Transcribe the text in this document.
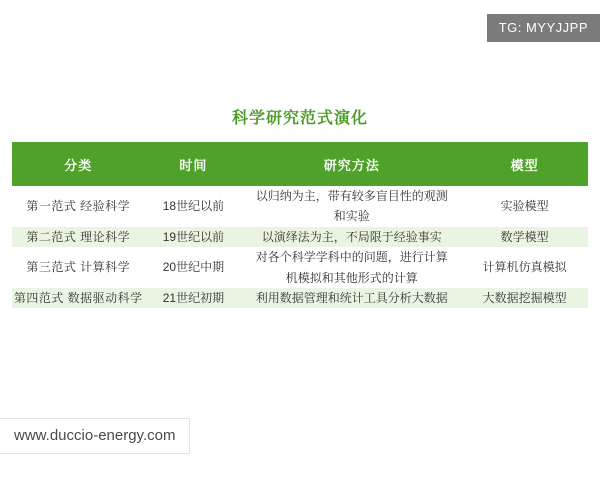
TG: MYYJJPP
科学研究范式演化
分类	时间	研究方法	模型
第一范式 经验科学	18世纪以前	以归纳为主，带有较多盲目性的观测和实验	实验模型
第二范式 理论科学	19世纪以前	以演绎法为主，不局限于经验事实	数学模型
第三范式 计算科学	20世纪中期	对各个科学学科中的问题，进行计算机模拟和其他形式的计算	计算机仿真模拟
第四范式 数据驱动科学	21世纪初期	利用数据管理和统计工具分析大数据	大数据挖掘模型
www.duccio-energy.com
